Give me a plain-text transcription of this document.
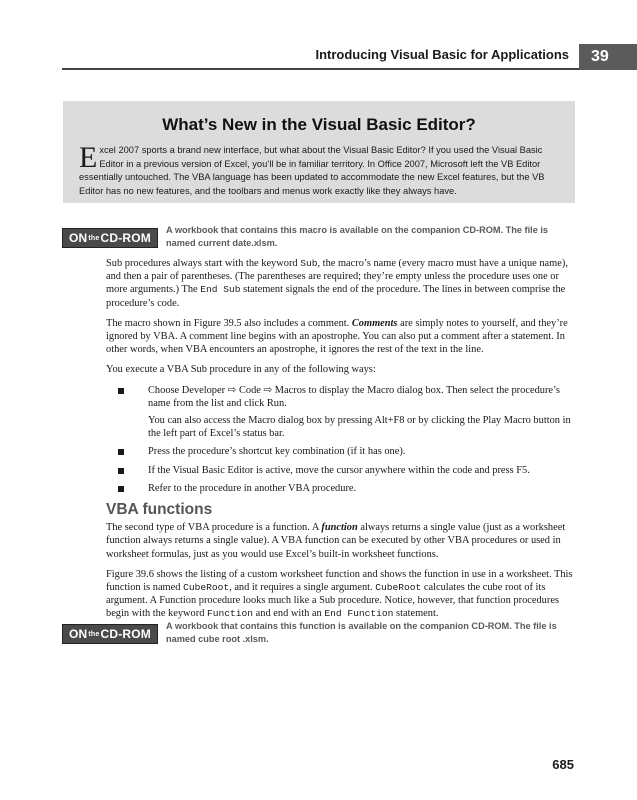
Introducing Visual Basic for Applications	39
What’s New in the Visual Basic Editor?
Excel 2007 sports a brand new interface, but what about the Visual Basic Editor? If you used the Visual Basic Editor in a previous version of Excel, you’ll be in familiar territory. In Office 2007, Microsoft left the VB Editor essentially untouched. The VBA language has been updated to accommodate the new Excel features, but the VB Editor has no new features, and the toolbars and menus work exactly like they always have.
ON the CD-ROM
A workbook that contains this macro is available on the companion CD-ROM. The file is named current date.xlsm.

Sub procedures always start with the keyword Sub, the macro’s name (every macro must have a unique name), and then a pair of parentheses. (The parentheses are required; they’re empty unless the procedure uses one or more arguments.) The End Sub statement signals the end of the procedure. The lines in between comprise the procedure’s code.

The macro shown in Figure 39.5 also includes a comment. Comments are simply notes to yourself, and they’re ignored by VBA. A comment line begins with an apostrophe. You can also put a comment after a statement. In other words, when VBA encounters an apostrophe, it ignores the rest of the text in the line.

You execute a VBA Sub procedure in any of the following ways:

Choose Developer ⇨ Code ⇨ Macros to display the Macro dialog box. Then select the procedure’s name from the list and click Run.
You can also access the Macro dialog box by pressing Alt+F8 or by clicking the Play Macro button in the left part of Excel’s status bar.
Press the procedure’s shortcut key combination (if it has one).
If the Visual Basic Editor is active, move the cursor anywhere within the code and press F5.
Refer to the procedure in another VBA procedure.
VBA functions

The second type of VBA procedure is a function. A function always returns a single value (just as a worksheet function always returns a single value). A VBA function can be executed by other VBA procedures or used in worksheet formulas, just as you would use Excel’s built-in worksheet functions.

Figure 39.6 shows the listing of a custom worksheet function and shows the function in use in a worksheet. This function is named CubeRoot, and it requires a single argument. CubeRoot calculates the cube root of its argument. A Function procedure looks much like a Sub procedure. Notice, however, that function procedures begin with the keyword Function and end with an End Function statement.

ON the CD-ROM
A workbook that contains this function is available on the companion CD-ROM. The file is named cube root .xlsm.
685
